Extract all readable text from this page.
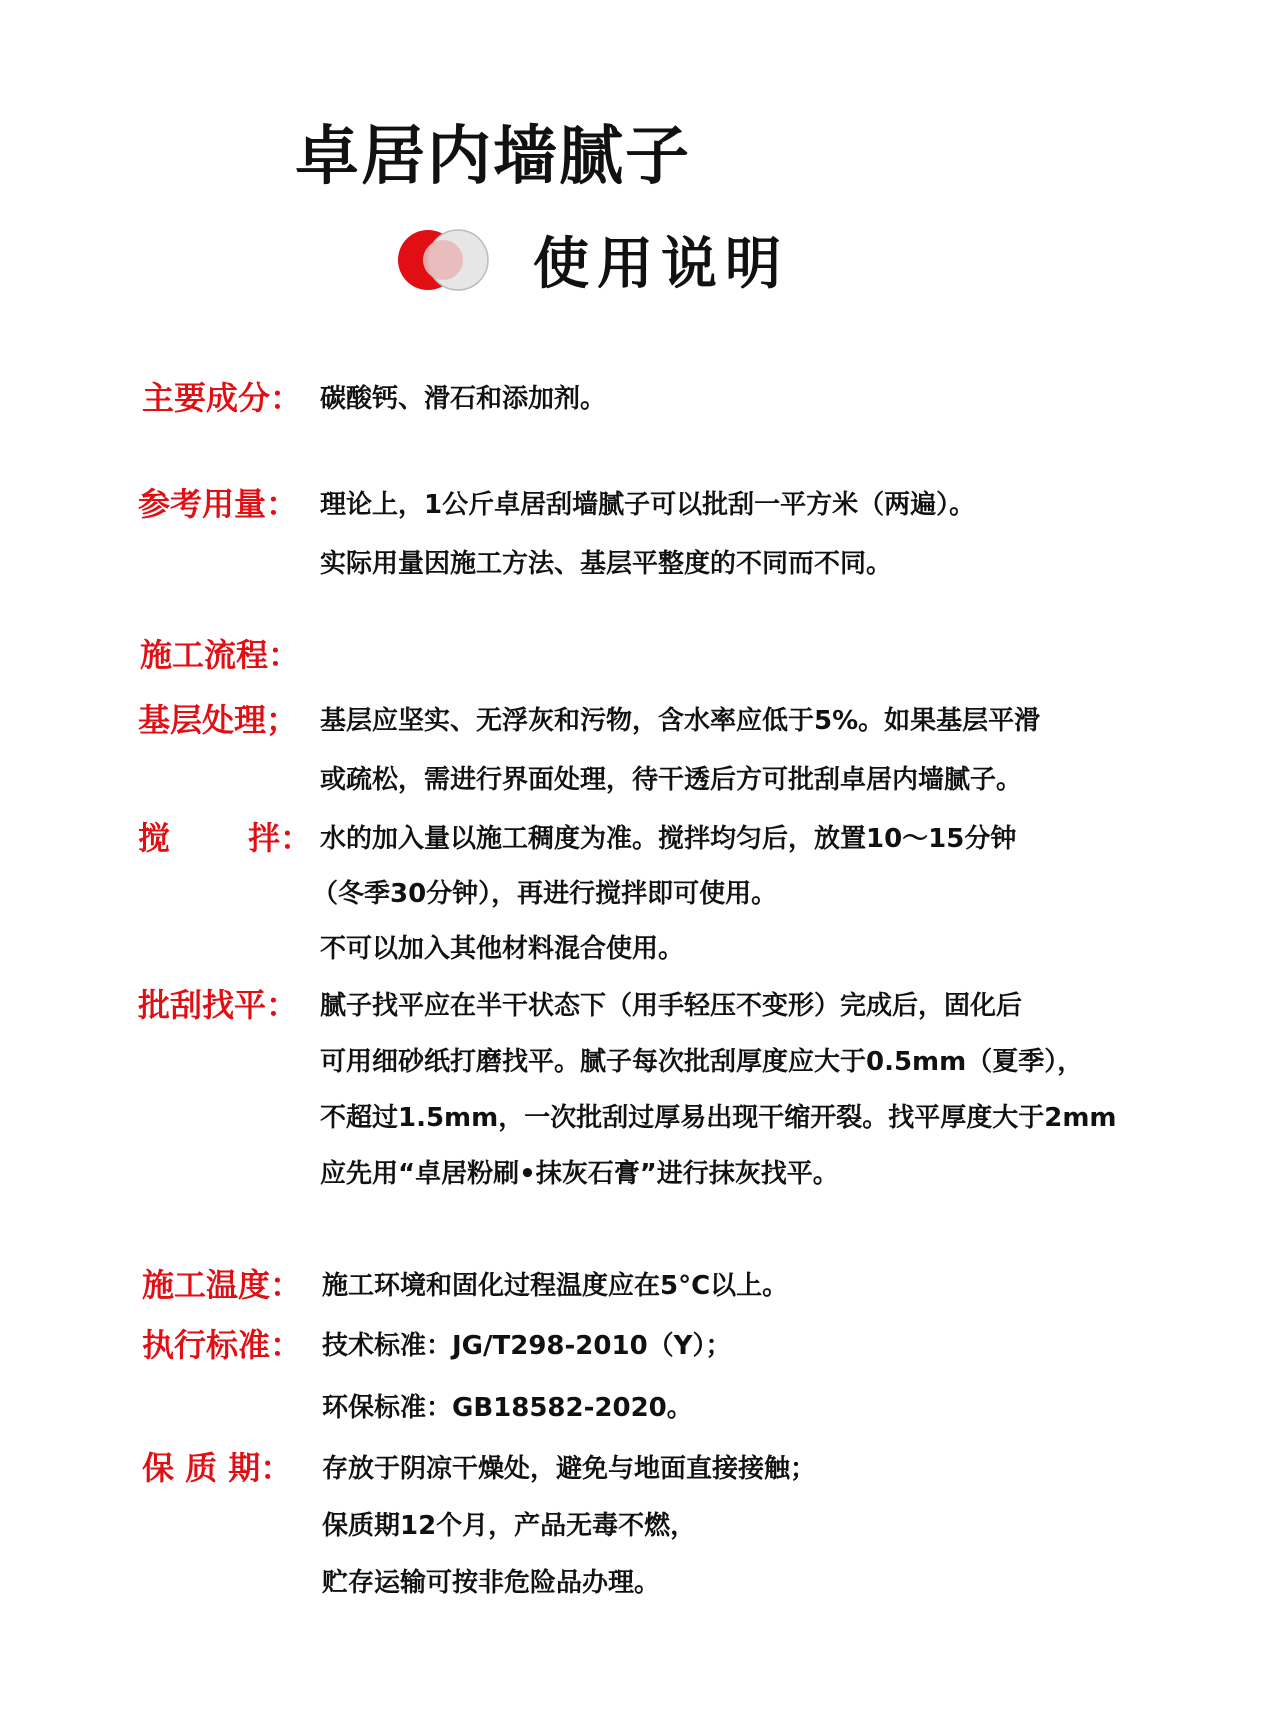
卓居内墙腻子
使用说明
主要成分： 碳酸钙、滑石和添加剂。
参考用量： 理论上，1公斤卓居刮墙腻子可以批刮一平方米（两遍）。
实际用量因施工方法、基层平整度的不同而不同。
施工流程：
基层处理； 基层应坚实、无浮灰和污物，含水率应低于5%。如果基层平滑
或疏松，需进行界面处理，待干透后方可批刮卓居内墙腻子。
搅 拌： 水的加入量以施工稠度为准。搅拌均匀后，放置10～15分钟
（冬季30分钟），再进行搅拌即可使用。
不可以加入其他材料混合使用。
批刮找平： 腻子找平应在半干状态下（用手轻压不变形）完成后，固化后
可用细砂纸打磨找平。腻子每次批刮厚度应大于0.5mm（夏季），
不超过1.5mm，一次批刮过厚易出现干缩开裂。找平厚度大于2mm
应先用“卓居粉刷•抹灰石膏”进行抹灰找平。
施工温度： 施工环境和固化过程温度应在5°C以上。
执行标准： 技术标准：JG/T298-2010（Y）；
环保标准：GB18582-2020。
保 质 期： 存放于阴凉干燥处，避免与地面直接接触；
保质期12个月，产品无毒不燃，
贮存运输可按非危险品办理。
